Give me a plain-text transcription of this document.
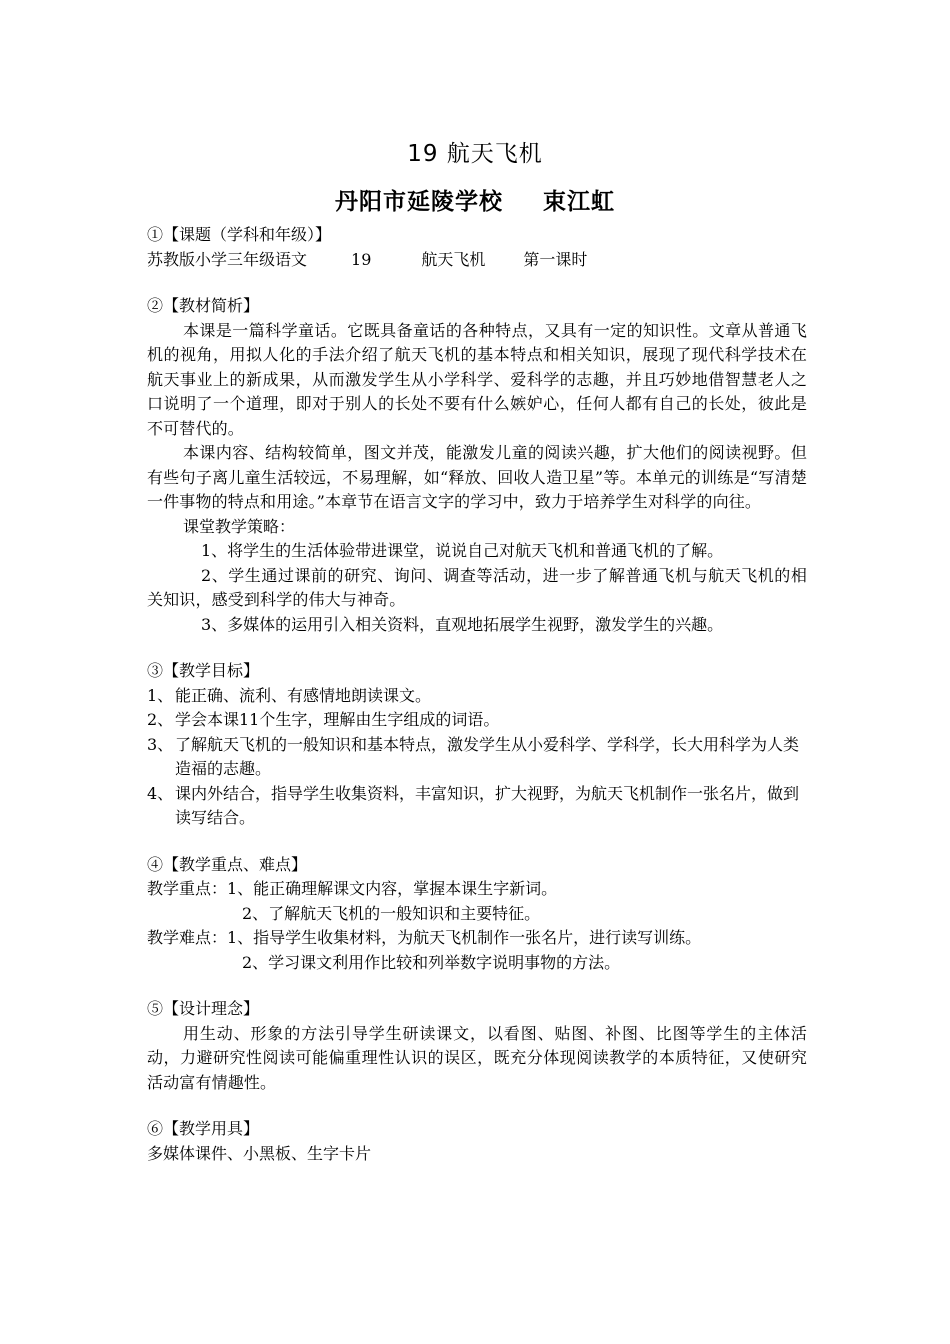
19 航天飞机
丹阳市延陵学校 束江虹
①【课题（学科和年级）】
苏教版小学三年级语文	19	航天飞机 第一课时
②【教材简析】
本课是一篇科学童话。它既具备童话的各种特点，又具有一定的知识性。文章从普通飞机的视角，用拟人化的手法介绍了航天飞机的基本特点和相关知识，展现了现代科学技术在航天事业上的新成果，从而激发学生从小学科学、爱科学的志趣，并且巧妙地借智慧老人之口说明了一个道理，即对于别人的长处不要有什么嫉妒心，任何人都有自己的长处，彼此是不可替代的。
本课内容、结构较简单，图文并茂，能激发儿童的阅读兴趣，扩大他们的阅读视野。但有些句子离儿童生活较远，不易理解，如“释放、回收人造卫星”等。本单元的训练是“写清楚一件事物的特点和用途。”本章节在语言文字的学习中，致力于培养学生对科学的向往。
课堂教学策略：
1、将学生的生活体验带进课堂，说说自己对航天飞机和普通飞机的了解。
2、学生通过课前的研究、询问、调查等活动，进一步了解普通飞机与航天飞机的相关知识，感受到科学的伟大与神奇。
3、多媒体的运用引入相关资料，直观地拓展学生视野，激发学生的兴趣。
③【教学目标】
1、 能正确、流利、有感情地朗读课文。
2、 学会本课11个生字，理解由生字组成的词语。
3、 了解航天飞机的一般知识和基本特点，激发学生从小爱科学、学科学，长大用科学为人类造福的志趣。
4、 课内外结合，指导学生收集资料，丰富知识，扩大视野，为航天飞机制作一张名片，做到读写结合。
④【教学重点、难点】
教学重点：1、能正确理解课文内容，掌握本课生字新词。
2、了解航天飞机的一般知识和主要特征。
教学难点：1、指导学生收集材料，为航天飞机制作一张名片，进行读写训练。
2、学习课文利用作比较和列举数字说明事物的方法。
⑤【设计理念】
用生动、形象的方法引导学生研读课文，以看图、贴图、补图、比图等学生的主体活动，力避研究性阅读可能偏重理性认识的误区，既充分体现阅读教学的本质特征，又使研究活动富有情趣性。
⑥【教学用具】
多媒体课件、小黑板、生字卡片
